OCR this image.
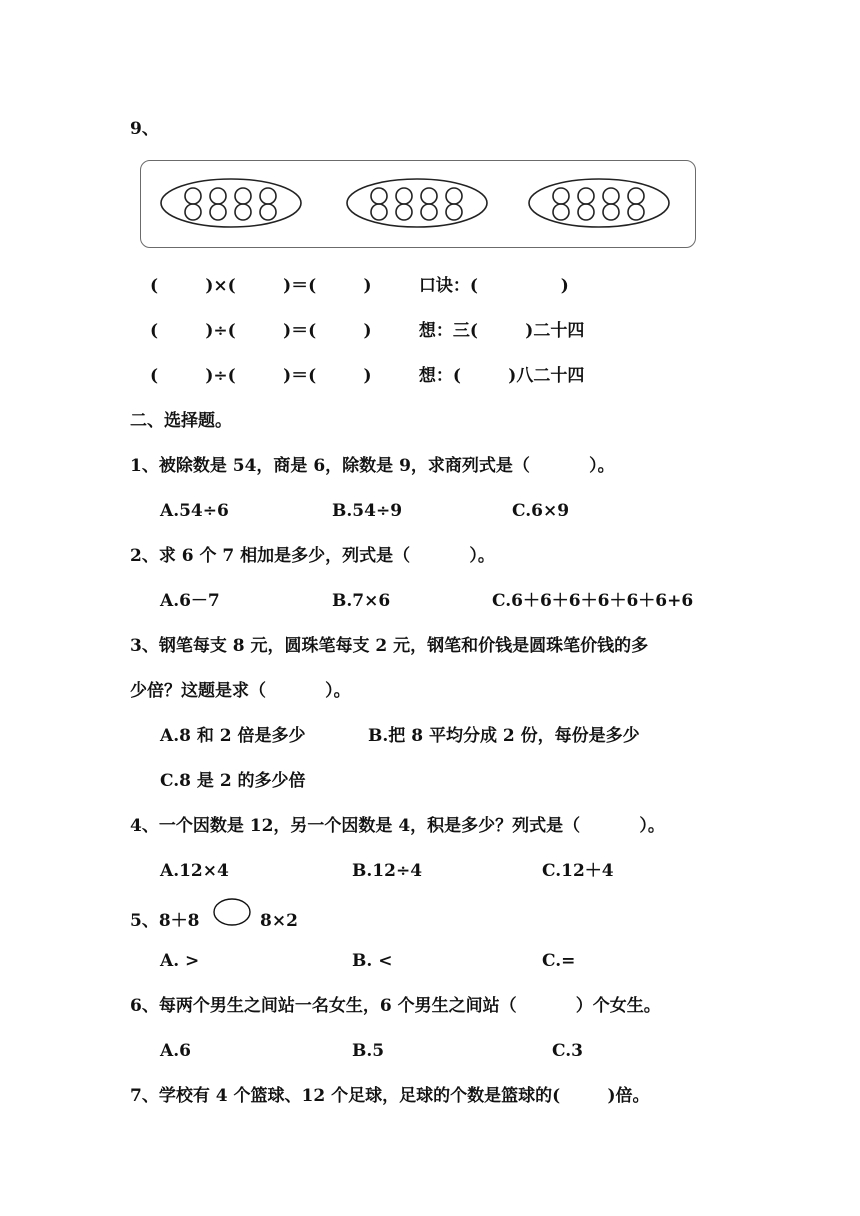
9、
(        )×(        )＝(        )        口诀：(              )
(        )÷(        )＝(        )        想：三(        )二十四
(        )÷(        )＝(        )        想：(        )八二十四
二、选择题。
1、被除数是 54，商是 6，除数是 9，求商列式是（          ）。
A.54÷6	B.54÷9	C.6×9
2、求 6 个 7 相加是多少，列式是（          ）。
A.6－7	B.7×6	C.6＋6＋6＋6＋6＋6+6
3、钢笔每支 8 元，圆珠笔每支 2 元，钢笔和价钱是圆珠笔价钱的多
少倍？这题是求（          ）。
A.8 和 2 倍是多少	B.把 8 平均分成 2 份，每份是多少
C.8 是 2 的多少倍
4、一个因数是 12，另一个因数是 4，积是多少？列式是（          ）。
A.12×4	B.12÷4	C.12＋4
5、8＋8	8×2
A. >	B. <	C.=
6、每两个男生之间站一名女生，6 个男生之间站（          ）个女生。
A.6	B.5	C.3
7、学校有 4 个篮球、12 个足球，足球的个数是篮球的(        )倍。
